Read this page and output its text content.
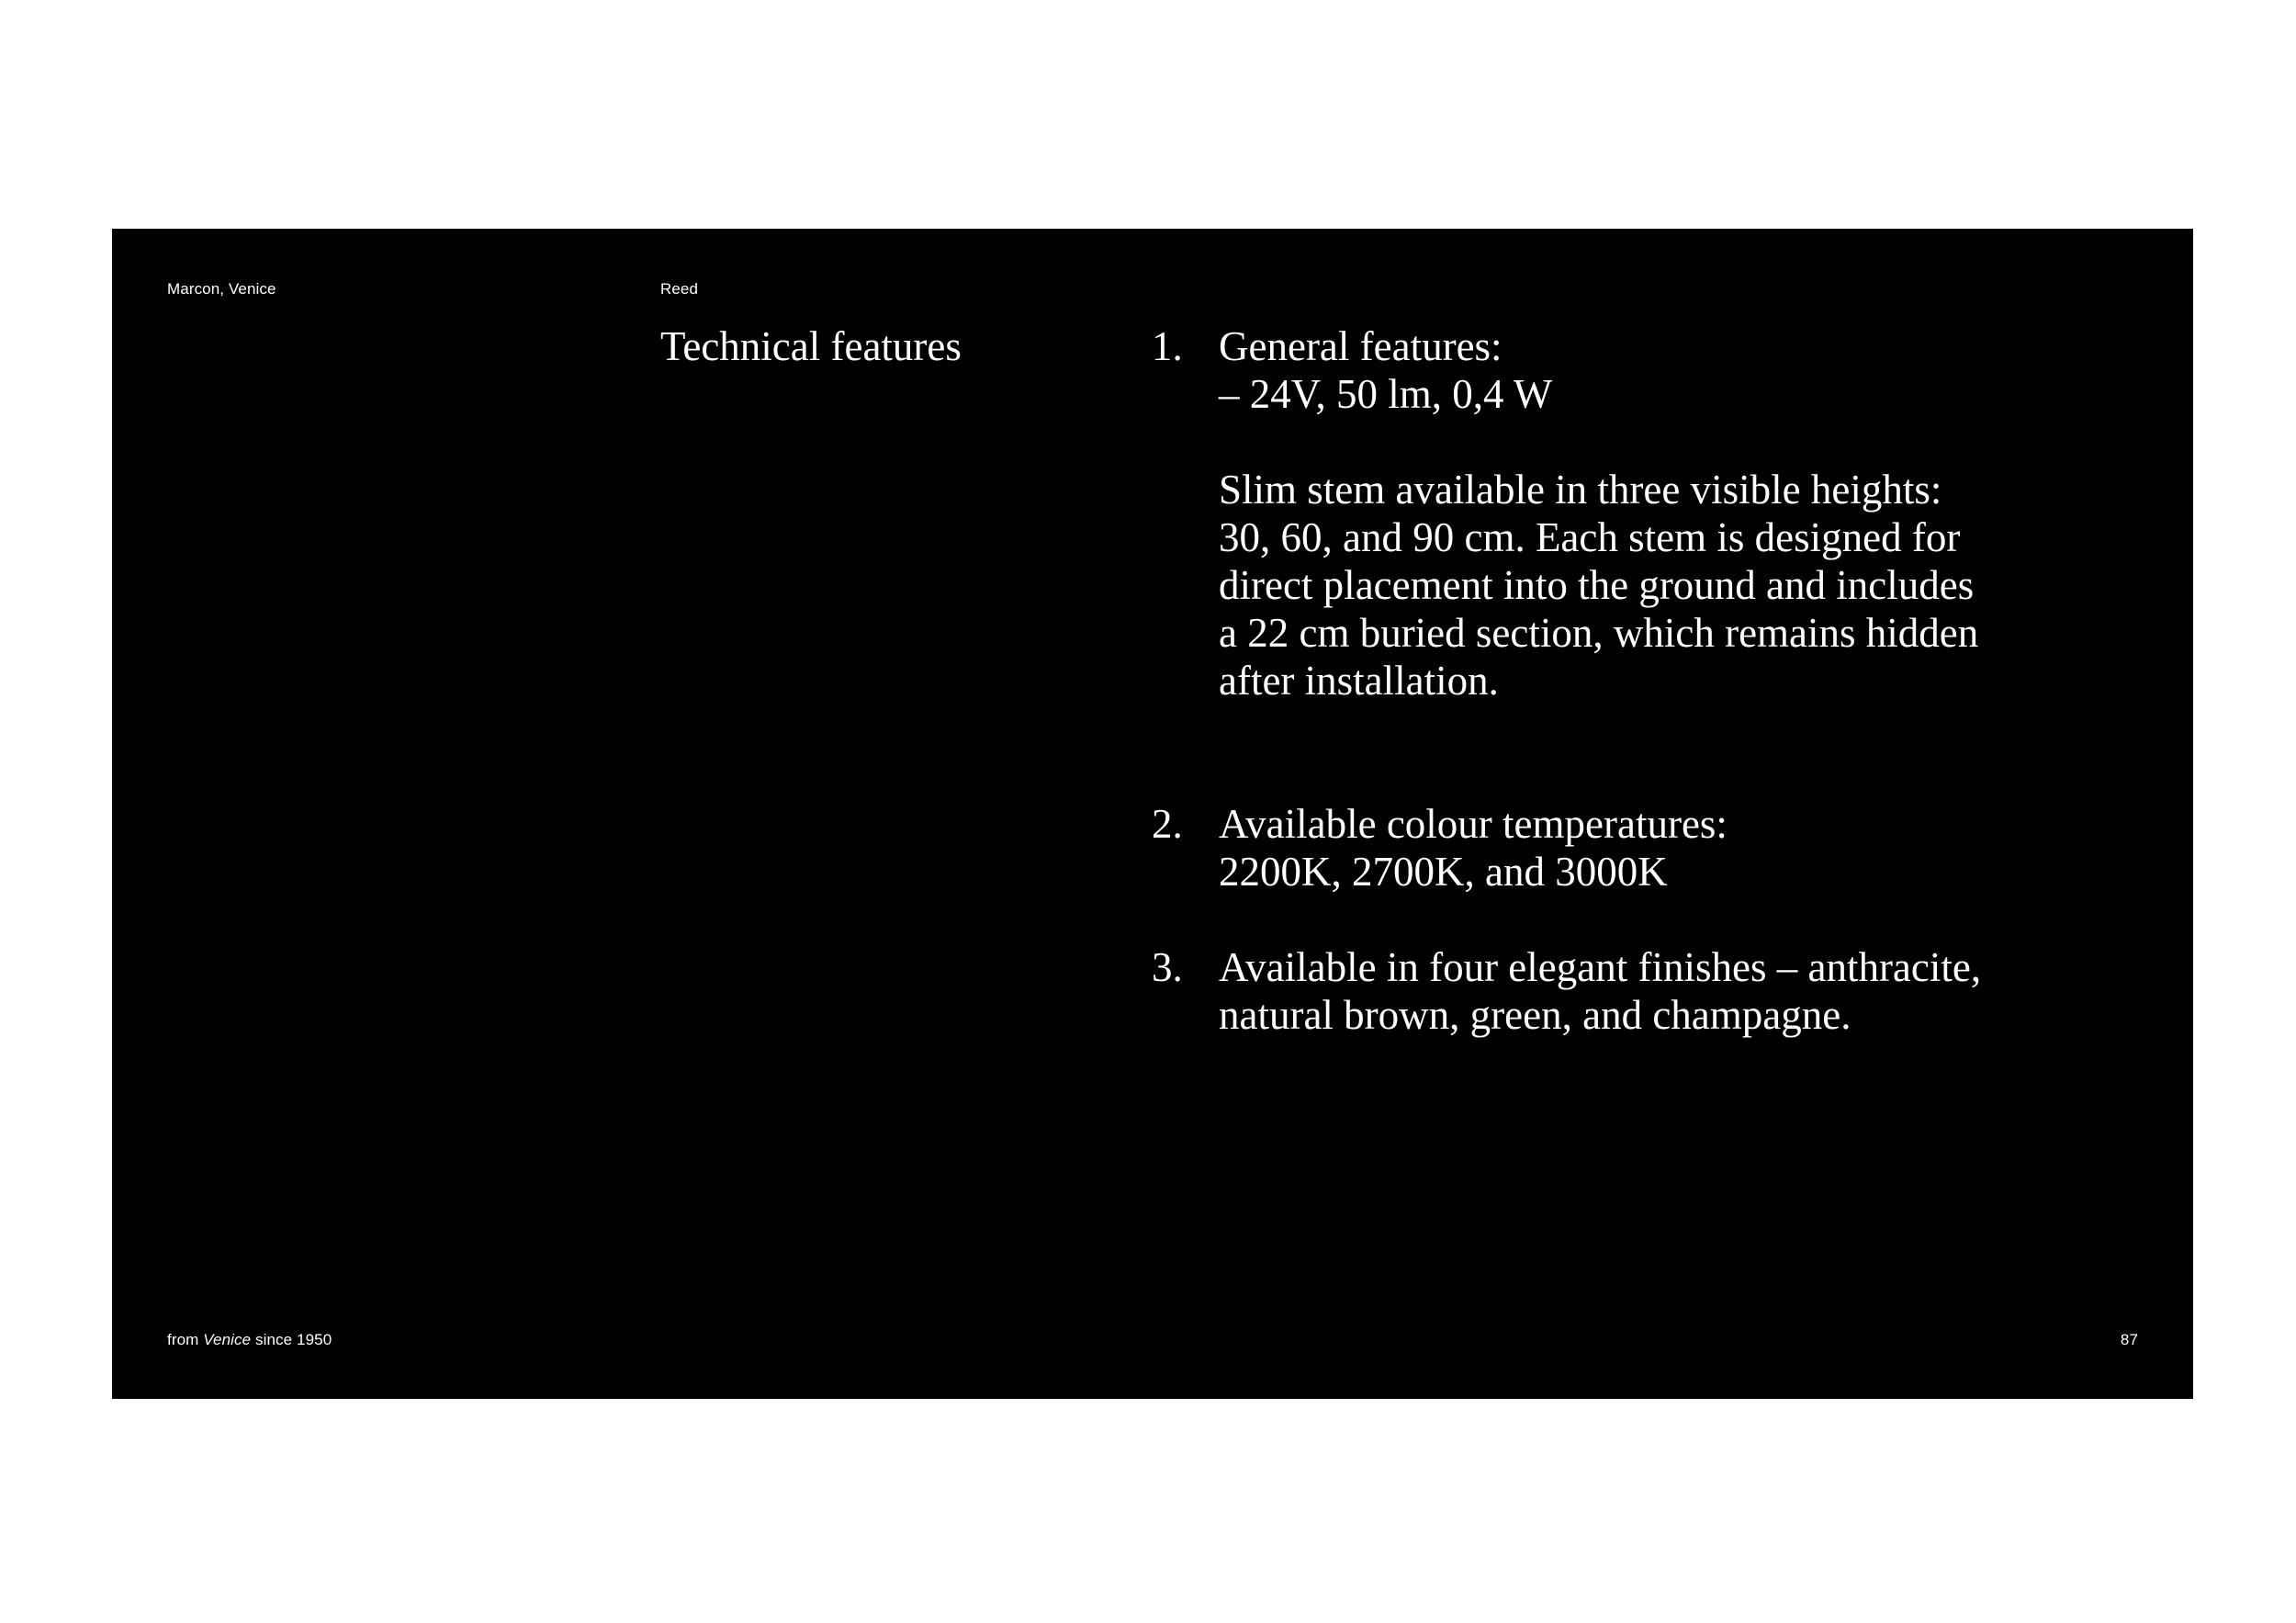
Marcon, Venice	Reed
Technical features	1. General features:
– 24V, 50 lm, 0,4 W
Slim stem available in three visible heights:
30, 60, and 90 cm. Each stem is designed for
direct placement into the ground and includes
a 22 cm buried section, which remains hidden
after installation.
2. Available colour temperatures:
2200K, 2700K, and 3000K
3. Available in four elegant finishes – anthracite,
natural brown, green, and champagne.
from Venice since 1950	87
